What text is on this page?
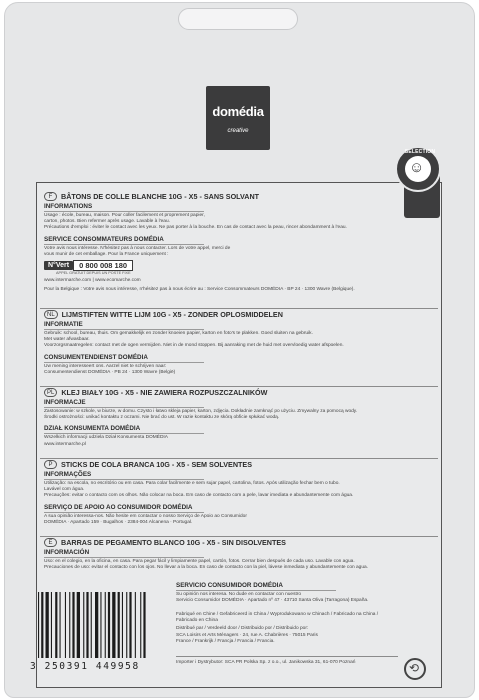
domédia
creative
SELECTION
☺
F	BÂTONS DE COLLE BLANCHE 10G - X5 - SANS SOLVANT
INFORMATIONS
Usage : école, bureau, maison. Pour coller facilement et proprement papier,
carton, photos. Bien refermer après usage. Lavable à l'eau.
Précautions d'emploi : éviter le contact avec les yeux. Ne pas porter à la bouche. En cas de contact avec la peau, rincer abondamment à l'eau.
SERVICE CONSOMMATEURS DOMÉDIA
Votre avis nous intéresse. N'hésitez pas à nous contacter. Lors de votre appel, merci de
vous munir de cet emballage. Pour la France uniquement :
N°Vert	0 800 008 180
APPEL GRATUIT DEPUIS UN POSTE FIXE
www.intermarche.com | www.ecomarche.com
Pour la Belgique : Votre avis nous intéresse, n'hésitez pas à nous écrire au : Service Consommateurs DOMÉDIA · BP 24 · 1300 Wavre (Belgique).
NL LIJMSTIFTEN WITTE LIJM 10G - X5 - ZONDER OPLOSMIDDELEN
INFORMATIE
Gebruik: school, bureau, thuis. Om gemakkelijk en zonder knoeien papier, karton en foto's te plakken. Goed sluiten na gebruik.
Met water afwasbaar.
Voorzorgsmaatregelen: contact met de ogen vermijden. Niet in de mond stoppen. Bij aanraking met de huid met overvloedig water afspoelen.
CONSUMENTENDIENST DOMÉDIA
Uw mening interesseert ons. Aarzel niet te schrijven naar:
Consumentendienst DOMÉDIA · PB 24 · 1300 Wavre (België)
PL KLEJ BIAŁY 10G - X5 - NIE ZAWIERA ROZPUSZCZALNIKÓW
INFORMACJE
Zastosowanie: w szkole, w biurze, w domu. Czysto i łatwo skleja papier, karton, zdjęcia. Dokładnie zamknąć po użyciu. Zmywalny za pomocą wody.
Środki ostrożności: unikać kontaktu z oczami. Nie brać do ust. W razie kontaktu ze skórą obficie spłukać wodą.
DZIAŁ KONSUMENTA DOMÉDIA
Wszelkich informacji udziela Dział Konsumenta DOMÉDIA
www.intermarche.pl
P	STICKS DE COLA BRANCA 10G - X5 - SEM SOLVENTES
INFORMAÇÕES
Utilização: na escola, no escritório ou em casa. Para colar facilmente e sem sujar papel, cartolina, fotos. Após utilização fechar bem o tubo.
Lavável com água.
Precauções: evitar o contacto com os olhos. Não colocar na boca. Em caso de contacto com a pele, lavar imediata e abundantemente com água.
SERVIÇO DE APOIO AO CONSUMIDOR DOMÉDIA
A sua opinião interessa-nos. Não hesite em contactar o nosso Serviço de Apoio ao Consumidor
DOMÉDIA · Apartado 159 · Bugalhos · 2384-004 Alcanena · Portugal.
E	BARRAS DE PEGAMENTO BLANCO 10G - X5 - SIN DISOLVENTES
INFORMACIÓN
Uso: en el colegio, en la oficina, en casa. Para pegar fácil y limpiamente papel, cartón, fotos. Cerrar bien después de cada uso. Lavable con agua.
Precauciones de uso: evitar el contacto con los ojos. No llevar a la boca. En caso de contacto con la piel, lávese inmediata y abundantemente con agua.
SERVICIO CONSUMIDOR DOMÉDIA
Su opinión nos interesa. No dude en contactar con nuestro
Servicio Consumidor DOMÉDIA · Apartado nº 47 · 43710 Santa Oliva (Tarragona) España.
Fabriqué en Chine / Gefabriceerd in China / Wyprodukowano w Chinach / Fabricado na China /
Fabricado en China
Distribué par / Verdeeld door / Distribuido por / Distribuido por:
SCA Loisirs et Arts Ménagers · 24, rue A. Chabrières · 75015 Paris
France / Frankrijk / Francja / Francia / Francia.
Importer i Dystrybutor: SCA PR Polska Sp. z o.o., ul. Janikowska 31, 61-070 Poznań
3 250391 449958	⟲
